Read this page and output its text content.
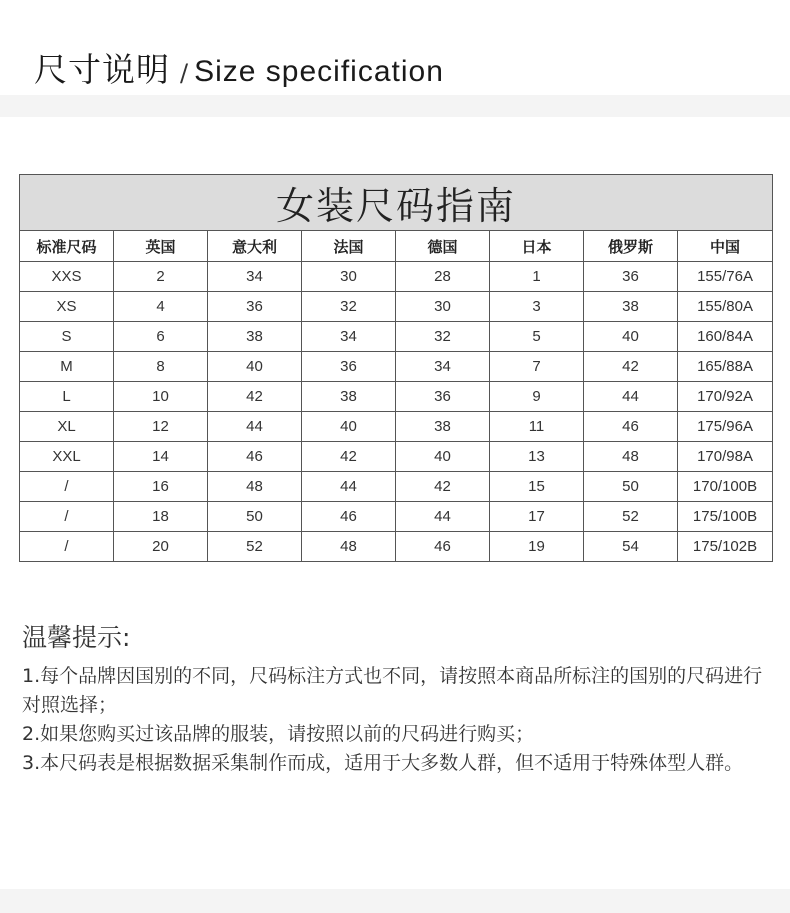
尺寸说明 / Size specification
女装尺码指南							
标准尺码	英国	意大利	法国	德国	日本	俄罗斯	中国
XXS	2	34	30	28	1	36	155/76A
XS	4	36	32	30	3	38	155/80A
S	6	38	34	32	5	40	160/84A
M	8	40	36	34	7	42	165/88A
L	10	42	38	36	9	44	170/92A
XL	12	44	40	38	11	46	175/96A
XXL	14	46	42	40	13	48	170/98A
/	16	48	44	42	15	50	170/100B
/	18	50	46	44	17	52	175/100B
/	20	52	48	46	19	54	175/102B
温馨提示:
1.每个品牌因国别的不同，尺码标注方式也不同，请按照本商品所标注的国别的尺码进行对照选择；
2.如果您购买过该品牌的服装，请按照以前的尺码进行购买；
3.本尺码表是根据数据采集制作而成，适用于大多数人群，但不适用于特殊体型人群。
